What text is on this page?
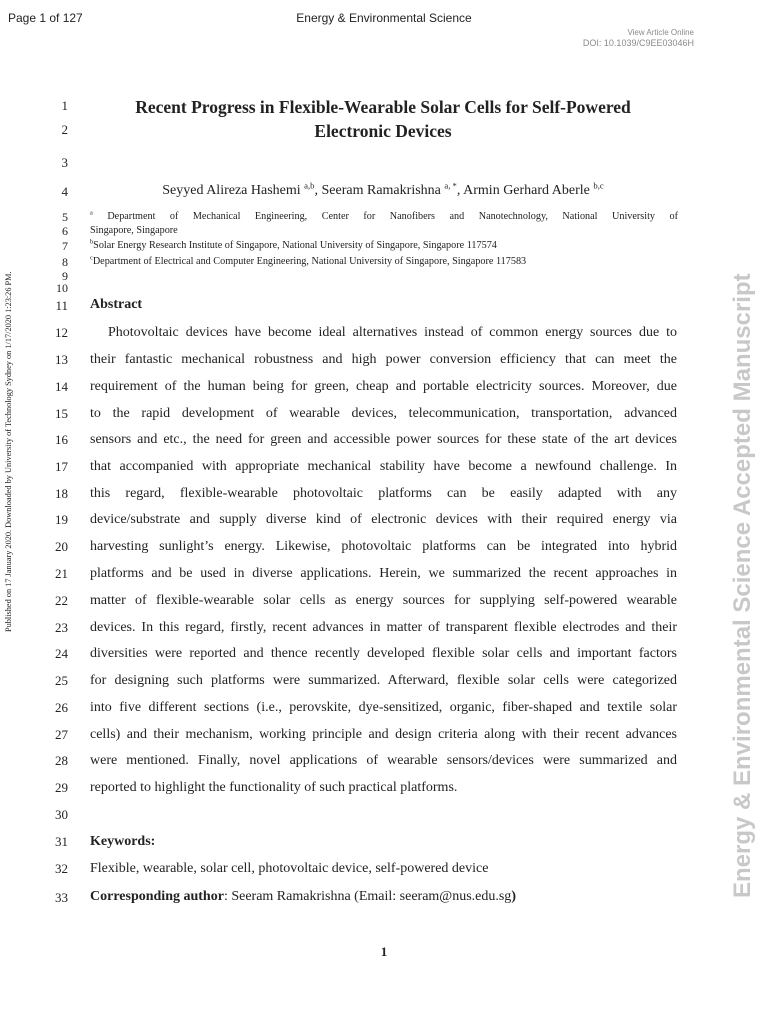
Page 1 of 127	Energy & Environmental Science
View Article Online
DOI: 10.1039/C9EE03046H
Published on 17 January 2020. Downloaded by University of Technology Sydney on 1/17/2020 1:23:26 PM.	Energy & Environmental Science Accepted Manuscript
1
2
3
4
5
6
7
8
9
10
11
12
13
14
15
16
17
18
19
20
21
22
23
24
25
26
27
28
29
30
31
32
33
Recent Progress in Flexible-Wearable Solar Cells for Self-Powered
Electronic Devices
Seyyed Alireza Hashemi $^{a,b}$, Seeram Ramakrishna $^{a, *}$, Armin Gerhard Aberle $^{b,c}$
$^a$ Department of Mechanical Engineering, Center for Nanofibers and Nanotechnology, National University of
Singapore, Singapore
$^b$Solar Energy Research Institute of Singapore, National University of Singapore, Singapore 117574
$^c$Department of Electrical and Computer Engineering, National University of Singapore, Singapore 117583
Abstract
Photovoltaic devices have become ideal alternatives instead of common energy sources due to
their fantastic mechanical robustness and high power conversion efficiency that can meet the
requirement of the human being for green, cheap and portable electricity sources. Moreover, due
to the rapid development of wearable devices, telecommunication, transportation, advanced
sensors and etc., the need for green and accessible power sources for these state of the art devices
that accompanied with appropriate mechanical stability have become a newfound challenge. In
this regard, flexible-wearable photovoltaic platforms can be easily adapted with any
device/substrate and supply diverse kind of electronic devices with their required energy via
harvesting sunlight’s energy. Likewise, photovoltaic platforms can be integrated into hybrid
platforms and be used in diverse applications. Herein, we summarized the recent approaches in
matter of flexible-wearable solar cells as energy sources for supplying self-powered wearable
devices. In this regard, firstly, recent advances in matter of transparent flexible electrodes and their
diversities were reported and thence recently developed flexible solar cells and important factors
for designing such platforms were summarized. Afterward, flexible solar cells were categorized
into five different sections (i.e., perovskite, dye-sensitized, organic, fiber-shaped and textile solar
cells) and their mechanism, working principle and design criteria along with their recent advances
were mentioned. Finally, novel applications of wearable sensors/devices were summarized and
reported to highlight the functionality of such practical platforms.
Keywords:
Flexible, wearable, solar cell, photovoltaic device, self-powered device
Corresponding author: Seeram Ramakrishna (Email: seeram@nus.edu.sg)
1
